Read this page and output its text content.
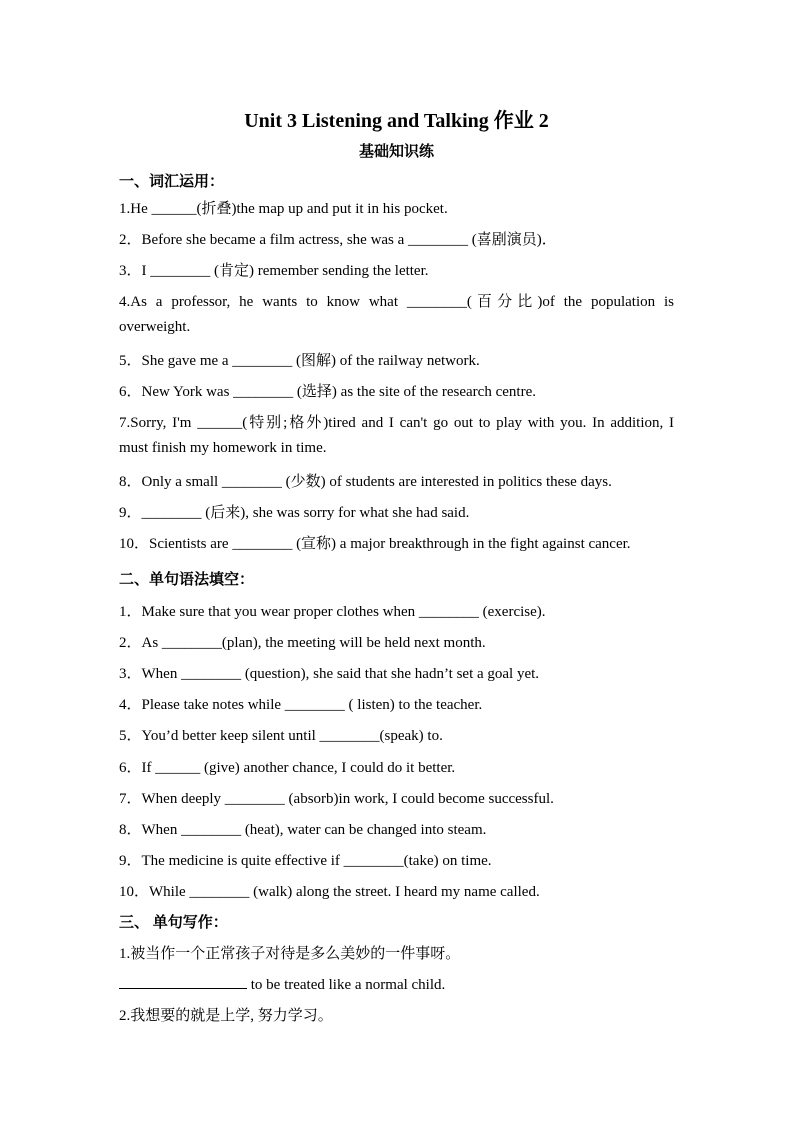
Unit 3 Listening and Talking 作业 2
基础知识练
一、词汇运用：
1.He ______(折叠)the map up and put it in his pocket.
2．Before she became a film actress, she was a ________ (喜剧演员)．
3．I ________ (肯定) remember sending the letter.
4.As a professor, he wants to know what ________(百分比)of the population is
overweight.
5．She gave me a ________ (图解) of the railway network.
6．New York was ________ (选择) as the site of the research centre.
7.Sorry, I'm ______(特别;格外)tired and I can't go out to play with you. In addition, I
must finish my homework in time.
8．Only a small ________ (少数) of students are interested in politics these days.
9．________ (后来), she was sorry for what she had said.
10．Scientists are ________ (宣称) a major breakthrough in the fight against cancer.
二、单句语法填空：
1．Make sure that you wear proper clothes when ________ (exercise).
2．As ________(plan), the meeting will be held next month.
3．When ________ (question), she said that she hadn’t set a goal yet.
4．Please take notes while ________ ( listen) to the teacher.
5．You’d better keep silent until ________(speak) to.
6．If ______ (give) another chance, I could do it better.
7．When deeply ________ (absorb)in work, I could become successful.
8．When ________ (heat), water can be changed into steam.
9．The medicine is quite effective if ________(take) on time.
10．While ________ (walk) along the street. I heard my name called.
三、 单句写作：
1.被当作一个正常孩子对待是多么美妙的一件事呀。
to be treated like a normal child.
2.我想要的就是上学, 努力学习。
